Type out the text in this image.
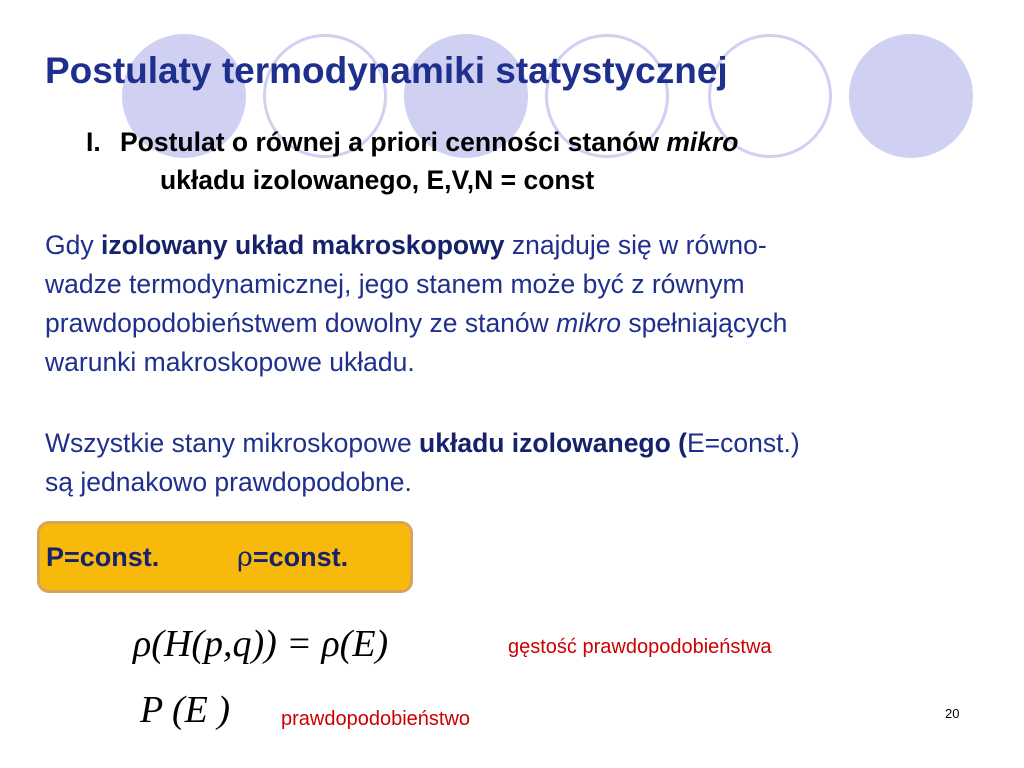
Postulaty termodynamiki statystycznej
I. Postulat o równej a priori cenności stanów mikro
układu izolowanego, E,V,N = const
Gdy izolowany układ makroskopowy znajduje się w równo-
wadze termodynamicznej, jego stanem może być z równym
prawdopodobieństwem dowolny ze stanów mikro spełniających
warunki makroskopowe układu.
Wszystkie stany mikroskopowe układu izolowanego (E=const.)
są jednakowo prawdopodobne.
P=const.	ρ=const.
ρ(H(p,q)) = ρ(E)	gęstość prawdopodobieństwa
P (E )	prawdopodobieństwo	20
